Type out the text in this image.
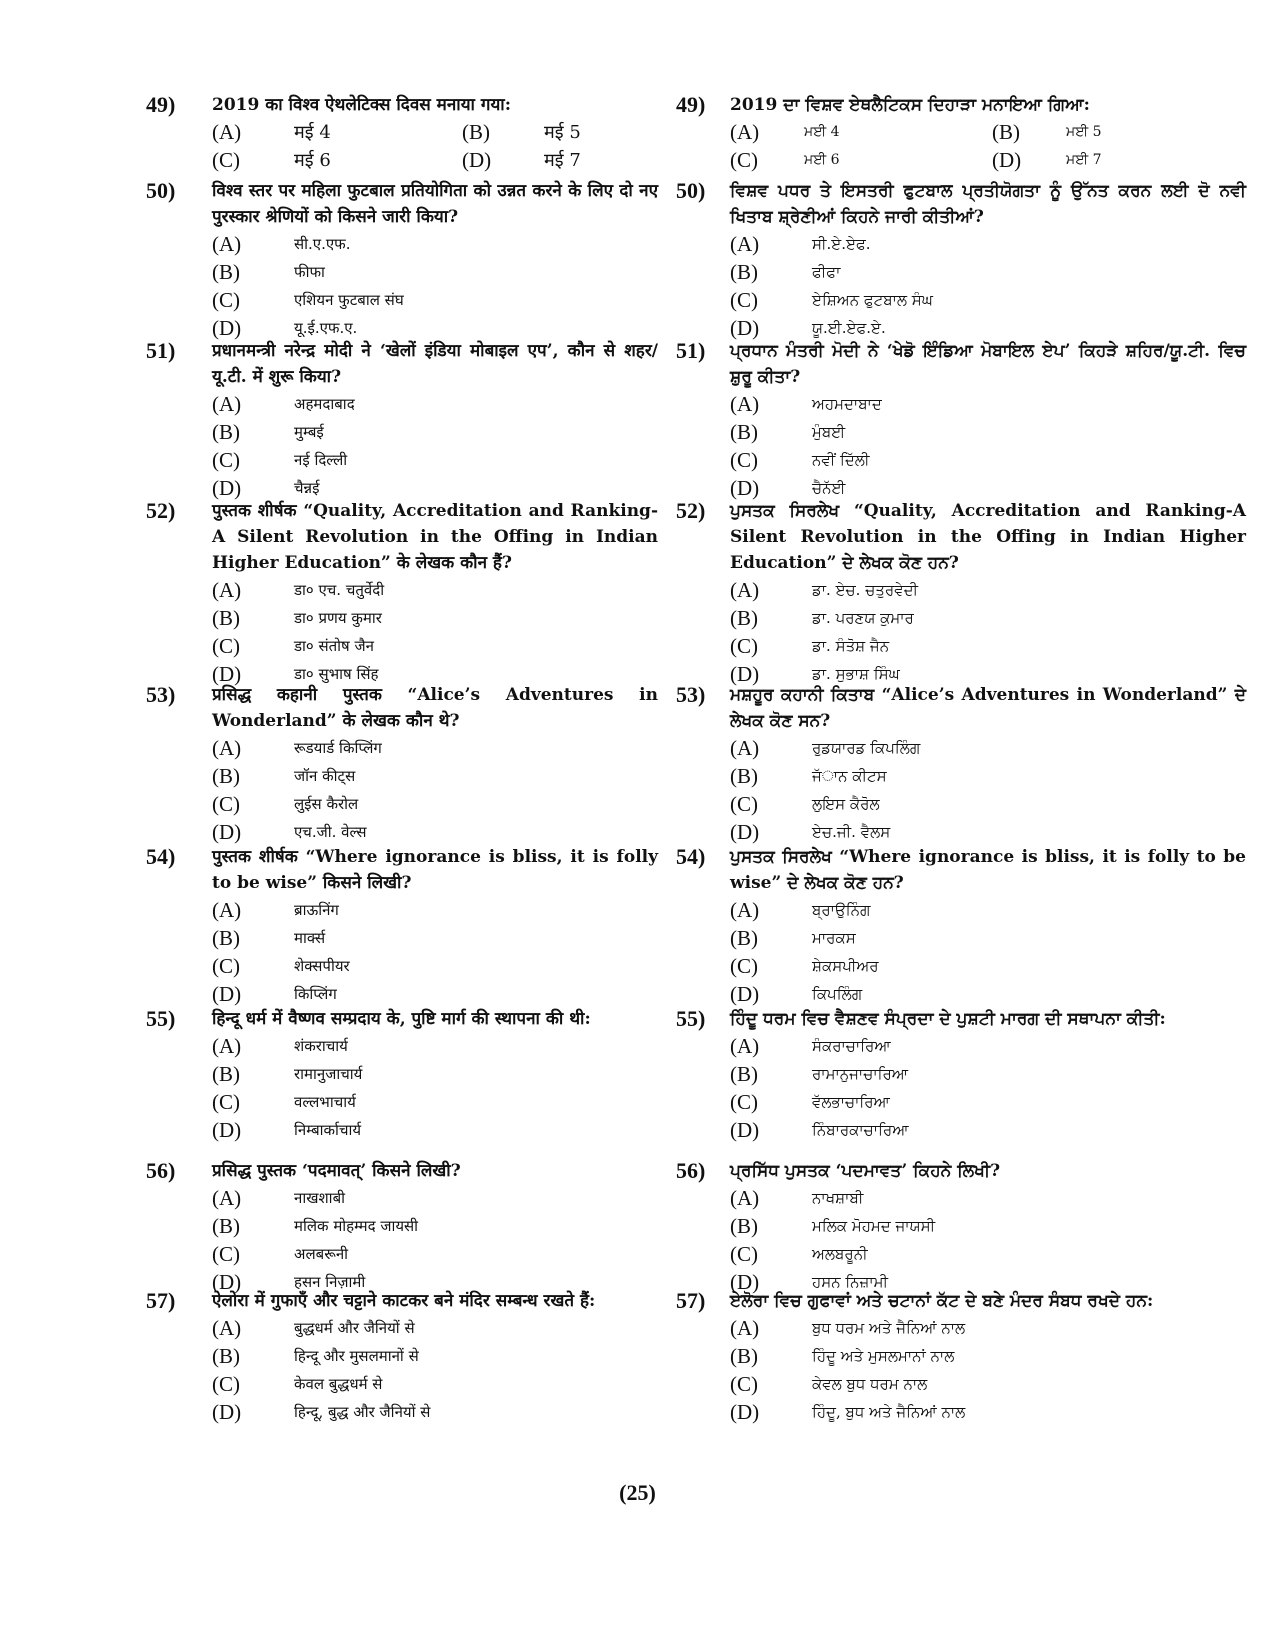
49) 2019 का विश्व ऐथलेटिक्स दिवस मनाया गया:
(A)	मई 4	(B)	मई 5
(C)	मई 6	(D)	मई 7
50) विश्व स्तर पर महिला फुटबाल प्रतियोगिता को उन्नत करने के लिए दो नए पुरस्कार श्रेणियों को किसने जारी किया?
(A)	सी.ए.एफ.
(B)	फीफा
(C)	एशियन फुटबाल संघ
(D)	यू.ई.एफ.ए.
51) प्रधानमन्त्री नरेन्द्र मोदी ने ‘खेलों इंडिया मोबाइल एप’, कौन से शहर/यू.टी. में शुरू किया?
(A)	अहमदाबाद
(B)	मुम्बई
(C)	नई दिल्ली
(D)	चैन्नई
52) पुस्तक शीर्षक “Quality, Accreditation and Ranking-A Silent Revolution in the Offing in Indian Higher Education” के लेखक कौन हैं?
(A)	डा० एच. चतुर्वेदी
(B)	डा० प्रणय कुमार
(C)	डा० संतोष जैन
(D)	डा० सुभाष सिंह
53) प्रसिद्ध कहानी पुस्तक “Alice’s Adventures in Wonderland” के लेखक कौन थे?
(A)	रूडयार्ड किप्लिंग
(B)	जॉन कीट्स
(C)	लुईस कैरोल
(D)	एच.जी. वेल्स
54) पुस्तक शीर्षक “Where ignorance is bliss, it is folly to be wise” किसने लिखी?
(A)	ब्राऊनिंग
(B)	मार्क्स
(C)	शेक्सपीयर
(D)	किप्लिंग
55) हिन्दू धर्म में वैष्णव सम्प्रदाय के, पुष्टि मार्ग की स्थापना की थी:
(A)	शंकराचार्य
(B)	रामानुजाचार्य
(C)	वल्लभाचार्य
(D)	निम्बार्काचार्य
56) प्रसिद्ध पुस्तक ‘पदमावत्’ किसने लिखी?
(A)	नाखशाबी
(B)	मलिक मोहम्मद जायसी
(C)	अलबरूनी
(D)	हसन निज़ामी
57) ऐलोरा में गुफाएँ और चट्टाने काटकर बने मंदिर सम्बन्ध रखते हैं:
(A)	बुद्धधर्म और जैनियों से
(B)	हिन्दू और मुसलमानों से
(C)	केवल बुद्धधर्म से
(D)	हिन्दू, बुद्ध और जैनियों से
49) 2019 ਦਾ ਵਿਸ਼ਵ ਏਥਲੈਟਿਕਸ ਦਿਹਾੜਾ ਮਨਾਇਆ ਗਿਆ:
(A)	ਮਈ 4	(B)	ਮਈ 5
(C)	ਮਈ 6	(D)	ਮਈ 7
50) ਵਿਸ਼ਵ ਪਧਰ ਤੇ ਇਸਤਰੀ ਫੁਟਬਾਲ ਪ੍ਰਤੀਯੋਗਤਾ ਨੂੰ ਉੱਨਤ ਕਰਨ ਲਈ ਦੋ ਨਵੀ ਖਿਤਾਬ ਸ਼੍ਰੇਣੀਆਂ ਕਿਹਨੇ ਜਾਰੀ ਕੀਤੀਆਂ?
(A)	ਸੀ.ਏ.ਏਫ.
(B)	ਫੀਫਾ
(C)	ਏਸ਼ਿਅਨ ਫੁਟਬਾਲ ਸੰਘ
(D)	ਯੂ.ਈ.ਏਫ.ਏ.
51) ਪ੍ਰਧਾਨ ਮੰਤਰੀ ਮੋਦੀ ਨੇ ‘ਖੇਡੋ ਇੰਡਿਆ ਮੋਬਾਇਲ ਏਪ’ ਕਿਹੜੇ ਸ਼ਹਿਰ/ਯੂ.ਟੀ. ਵਿਚ ਸ਼ੁਰੂ ਕੀਤਾ?
(A)	ਅਹਮਦਾਬਾਦ
(B)	ਮੁੰਬਈ
(C)	ਨਵੀਂ ਦਿੱਲੀ
(D)	ਚੈਨੱਈ
52) ਪੁਸਤਕ ਸਿਰਲੇਖ “Quality, Accreditation and Ranking-A Silent Revolution in the Offing in Indian Higher Education” ਦੇ ਲੇਖਕ ਕੋਣ ਹਨ?
(A)	ਡਾ. ਏਚ. ਚਤੁਰਵੇਦੀ
(B)	ਡਾ. ਪਰਣਯ ਕੁਮਾਰ
(C)	ਡਾ. ਸੰਤੋਸ਼ ਜੈਨ
(D)	ਡਾ. ਸੁਭਾਸ਼ ਸਿੰਘ
53) ਮਸ਼ਹੂਰ ਕਹਾਨੀ ਕਿਤਾਬ “Alice’s Adventures in Wonderland” ਦੇ ਲੇਖਕ ਕੋਣ ਸਨ?
(A)	ਰੁਡਯਾਰਡ ਕਿਪਲਿੰਗ
(B)	ਜੱਾਨ ਕੀਟਸ
(C)	ਲੁਇਸ ਕੈਰੋਲ
(D)	ਏਚ.ਜੀ. ਵੈਲਸ
54) ਪੁਸਤਕ ਸਿਰਲੇਖ “Where ignorance is bliss, it is folly to be wise” ਦੇ ਲੇਖਕ ਕੋਣ ਹਨ?
(A)	ਬ੍ਰਾਉਨਿੰਗ
(B)	ਮਾਰਕਸ
(C)	ਸ਼ੇਕਸਪੀਅਰ
(D)	ਕਿਪਲਿੰਗ
55) ਹਿੰਦੂ ਧਰਮ ਵਿਚ ਵੈਸ਼ਣਵ ਸੰਪ੍ਰਦਾ ਦੇ ਪੁਸ਼ਟੀ ਮਾਰਗ ਦੀ ਸਥਾਪਨਾ ਕੀਤੀ:
(A)	ਸੰਕਰਾਚਾਰਿਆ
(B)	ਰਾਮਾਨੁਜਾਚਾਰਿਆ
(C)	ਵੱਲਭਾਚਾਰਿਆ
(D)	ਨਿੰਬਾਰਕਾਚਾਰਿਆ
56) ਪ੍ਰਸਿੱਧ ਪੁਸਤਕ ‘ਪਦਮਾਵਤ’ ਕਿਹਨੇ ਲਿਖੀ?
(A)	ਨਾਖਸ਼ਾਬੀ
(B)	ਮਲਿਕ ਮੋਹਮਦ ਜਾਯਸੀ
(C)	ਅਲਬਰੂਨੀ
(D)	ਹਸਨ ਨਿਜ਼ਾਮੀ
57) ਏਲੋਰਾ ਵਿਚ ਗੁਫਾਵਾਂ ਅਤੇ ਚਟਾਨਾਂ ਕੱਟ ਦੇ ਬਣੇ ਮੰਦਰ ਸੰਬਧ ਰਖਦੇ ਹਨ:
(A)	ਬੁਧ ਧਰਮ ਅਤੇ ਜੈਨਿਆਂ ਨਾਲ
(B)	ਹਿੰਦੂ ਅਤੇ ਮੁਸਲਮਾਨਾਂ ਨਾਲ
(C)	ਕੇਵਲ ਬੁਧ ਧਰਮ ਨਾਲ
(D)	ਹਿੰਦੂ, ਬੁਧ ਅਤੇ ਜੈਨਿਆਂ ਨਾਲ
(25)
